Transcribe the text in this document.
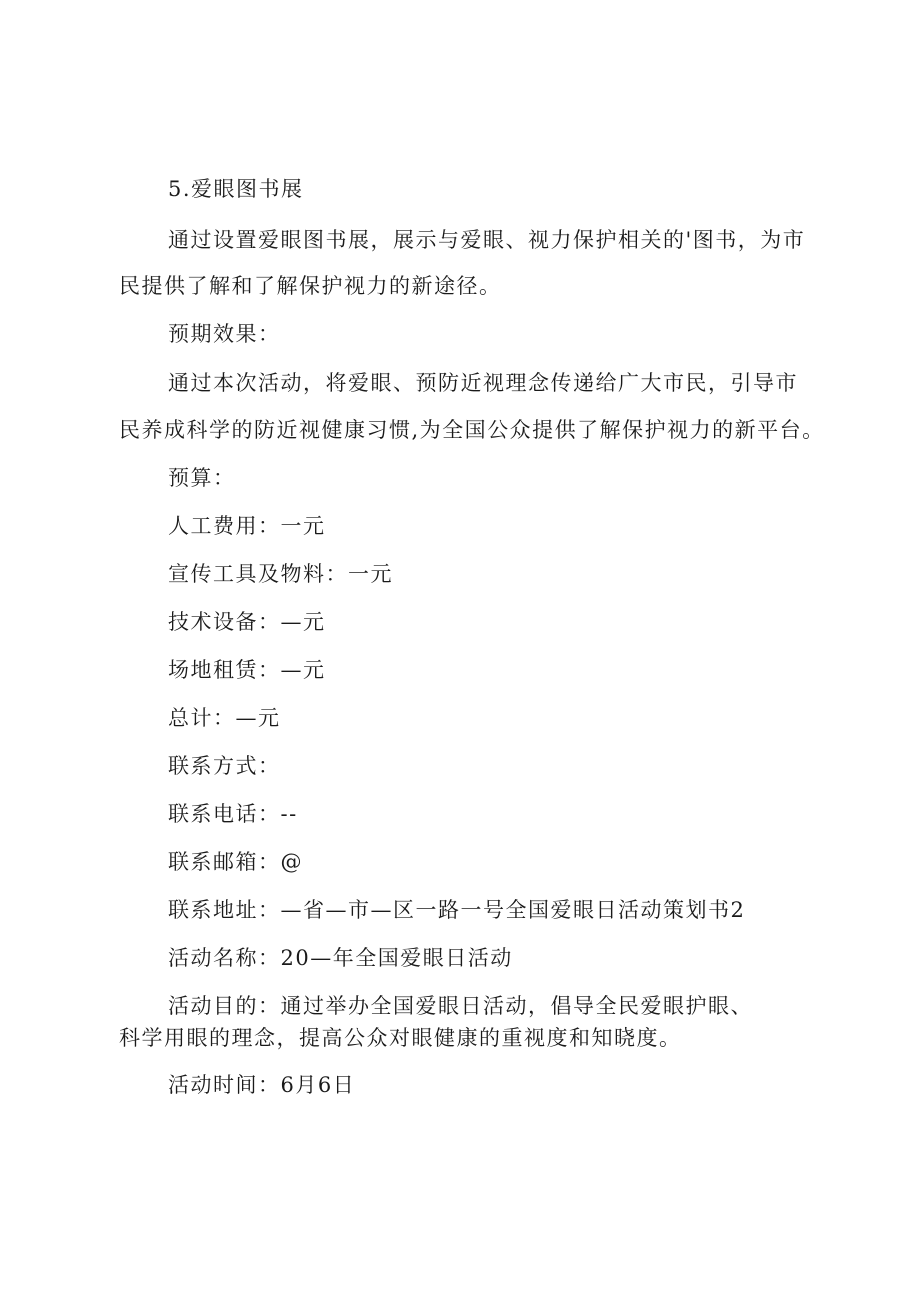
5.爱眼图书展
通过设置爱眼图书展，展示与爱眼、视力保护相关的'图书，为市
民提供了解和了解保护视力的新途径。
预期效果：
通过本次活动，将爱眼、预防近视理念传递给广大市民，引导市
民养成科学的防近视健康习惯,为全国公众提供了解保护视力的新平台。
预算：
人工费用：一元
宣传工具及物料：一元
技术设备：—元
场地租赁：—元
总计：—元
联系方式：
联系电话：--
联系邮箱：@
联系地址：—省—市—区一路一号全国爱眼日活动策划书2
活动名称：20—年全国爱眼日活动
活动目的：通过举办全国爱眼日活动，倡导全民爱眼护眼、
科学用眼的理念，提高公众对眼健康的重视度和知晓度。
活动时间：6月6日
